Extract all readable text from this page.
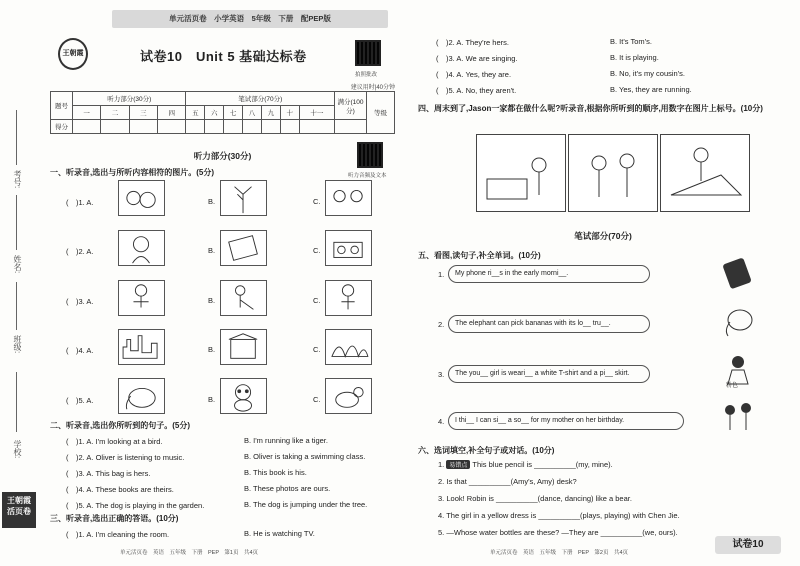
单元活页卷　小学英语　5年级　下册　配PEP版
学校:
班级:
姓名:
考号:
王朝霞
活页卷
王朝霞	试卷10　Unit 5 基础达标卷
拍照批改
建议用时|40分钟
题号	听力部分(30分)				笔试部分(70分)							满分(100分)	等级
	一	二	三	四	五	六	七	八	九	十	十一		
得分													
听力部分(30分)
听力音频及文本
一、听录音,选出与所听内容相符的图片。(5分)
(　)1. A.	B.	C.
(　)2. A.	B.	C.
(　)3. A.	B.	C.
(　)4. A.	B.	C.
(　)5. A.	B.	C.
二、听录音,选出你所听到的句子。(5分)
(　)1. A. I'm looking at a bird.	B. I'm running like a tiger.
(　)2. A. Oliver is listening to music.	B. Oliver is taking a swimming class.
(　)3. A. This bag is hers.	B. This book is his.
(　)4. A. These books are theirs.	B. These photos are ours.
(　)5. A. The dog is playing in the garden.	B. The dog is jumping under the tree.
三、听录音,选出正确的答语。(10分)
(　)1. A. I'm cleaning the room.	B. He is watching TV.
单元活页卷　英语　五年级　下册　PEP　第1页　共4页
(　)2. A. They're hers.	B. It's Tom's.
(　)3. A. We are singing.	B. It is playing.
(　)4. A. Yes, they are.	B. No, it's my cousin's.
(　)5. A. No, they aren't.	B. Yes, they are running.
四、周末到了,Jason一家都在做什么呢?听录音,根据你所听到的顺序,用数字在图片上标号。(10分)
笔试部分(70分)
五、看图,读句子,补全单词。(10分)
1.	My phone ri__s in the early morni__.
2.	The elephant can pick bananas with its lo__ tru__.
3.	The you__ girl is weari__ a white T-shirt and a pi__ skirt.
粉色
4.	I thi__ I can si__ a so__ for my mother on her birthday.
六、选词填空,补全句子或对话。(10分)
1. 易错点 This blue pencil is __________(my, mine).
2. Is that __________(Amy's, Amy) desk?
3. Look! Robin is __________(dance, dancing) like a bear.
4. The girl in a yellow dress is __________(plays, playing) with Chen Jie.
5. —Whose water bottles are these? —They are __________(we, ours).
单元活页卷　英语　五年级　下册　PEP　第2页　共4页
试卷10
